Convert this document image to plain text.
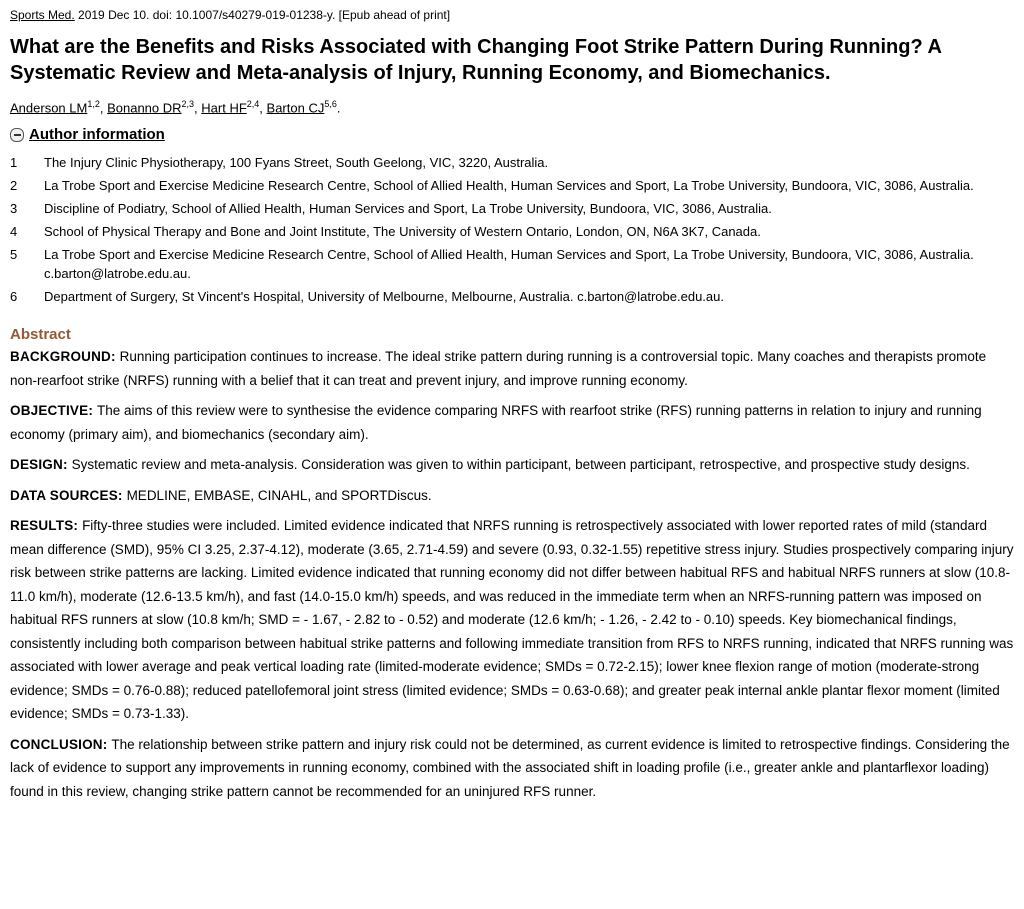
Sports Med. 2019 Dec 10. doi: 10.1007/s40279-019-01238-y. [Epub ahead of print]

What are the Benefits and Risks Associated with Changing Foot Strike Pattern During Running? A Systematic Review and Meta-analysis of Injury, Running Economy, and Biomechanics.
Anderson LM$^{1,2}$, Bonanno DR$^{2,3}$, Hart HF$^{2,4}$, Barton CJ$^{5,6}$.
Author information
1	The Injury Clinic Physiotherapy, 100 Fyans Street, South Geelong, VIC, 3220, Australia.
2	La Trobe Sport and Exercise Medicine Research Centre, School of Allied Health, Human Services and Sport, La Trobe University, Bundoora, VIC, 3086, Australia.
3	Discipline of Podiatry, School of Allied Health, Human Services and Sport, La Trobe University, Bundoora, VIC, 3086, Australia.
4	School of Physical Therapy and Bone and Joint Institute, The University of Western Ontario, London, ON, N6A 3K7, Canada.
5	La Trobe Sport and Exercise Medicine Research Centre, School of Allied Health, Human Services and Sport, La Trobe University, Bundoora, VIC, 3086, Australia. c.barton@latrobe.edu.au.
6	Department of Surgery, St Vincent's Hospital, University of Melbourne, Melbourne, Australia. c.barton@latrobe.edu.au.
Abstract

BACKGROUND: Running participation continues to increase. The ideal strike pattern during running is a controversial topic. Many coaches and therapists promote non-rearfoot strike (NRFS) running with a belief that it can treat and prevent injury, and improve running economy.

OBJECTIVE: The aims of this review were to synthesise the evidence comparing NRFS with rearfoot strike (RFS) running patterns in relation to injury and running economy (primary aim), and biomechanics (secondary aim).

DESIGN: Systematic review and meta-analysis. Consideration was given to within participant, between participant, retrospective, and prospective study designs.

DATA SOURCES: MEDLINE, EMBASE, CINAHL, and SPORTDiscus.

RESULTS: Fifty-three studies were included. Limited evidence indicated that NRFS running is retrospectively associated with lower reported rates of mild (standard mean difference (SMD), 95% CI 3.25, 2.37-4.12), moderate (3.65, 2.71-4.59) and severe (0.93, 0.32-1.55) repetitive stress injury. Studies prospectively comparing injury risk between strike patterns are lacking. Limited evidence indicated that running economy did not differ between habitual RFS and habitual NRFS runners at slow (10.8-11.0 km/h), moderate (12.6-13.5 km/h), and fast (14.0-15.0 km/h) speeds, and was reduced in the immediate term when an NRFS-running pattern was imposed on habitual RFS runners at slow (10.8 km/h; SMD = - 1.67, - 2.82 to - 0.52) and moderate (12.6 km/h; - 1.26, - 2.42 to - 0.10) speeds. Key biomechanical findings, consistently including both comparison between habitual strike patterns and following immediate transition from RFS to NRFS running, indicated that NRFS running was associated with lower average and peak vertical loading rate (limited-moderate evidence; SMDs = 0.72-2.15); lower knee flexion range of motion (moderate-strong evidence; SMDs = 0.76-0.88); reduced patellofemoral joint stress (limited evidence; SMDs = 0.63-0.68); and greater peak internal ankle plantar flexor moment (limited evidence; SMDs = 0.73-1.33).

CONCLUSION: The relationship between strike pattern and injury risk could not be determined, as current evidence is limited to retrospective findings. Considering the lack of evidence to support any improvements in running economy, combined with the associated shift in loading profile (i.e., greater ankle and plantarflexor loading) found in this review, changing strike pattern cannot be recommended for an uninjured RFS runner.
